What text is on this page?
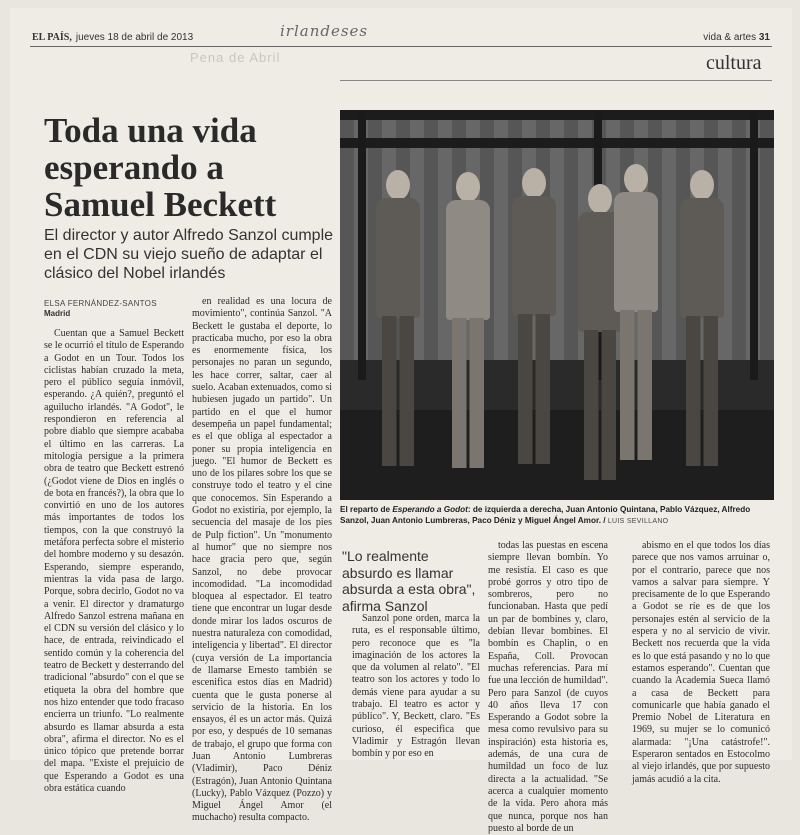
EL PAÍS, jueves 18 de abril de 2013	irlandeses	vida & artes 31
Pena de Abril	cultura
Toda una vida esperando a Samuel Beckett
El director y autor Alfredo Sanzol cumple en el CDN su viejo sueño de adaptar el clásico del Nobel irlandés
ELSA FERNÁNDEZ-SANTOS
Madrid

Cuentan que a Samuel Beckett se le ocurrió el título de Esperando a Godot en un Tour. Todos los ciclistas habían cruzado la meta, pero el público seguía inmóvil, esperando. ¿A quién?, preguntó el aguilucho irlandés. "A Godot", le respondieron en referencia al pobre diablo que siempre acababa el último en las carreras. La mitología persigue a la primera obra de teatro que Beckett estrenó (¿Godot viene de Dios en inglés o de bota en francés?), la obra que lo convirtió en uno de los autores más importantes de todos los tiempos, con la que construyó la metáfora perfecta sobre el misterio del hombre moderno y su desazón. Esperando, siempre esperando, mientras la vida pasa de largo. Porque, sobra decirlo, Godot no va a venir. El director y dramaturgo Alfredo Sanzol estrena mañana en el CDN su versión del clásico y lo hace, de entrada, reivindicado el sentido común y la coherencia del teatro de Beckett y desterrando del tradicional "absurdo" con el que se etiqueta la obra del hombre que nos hizo entender que todo fracaso encierra un triunfo. "Lo realmente absurdo es llamar absurda a esta obra", afirma el director. No es el único tópico que pretende borrar del mapa. "Existe el prejuicio de que Esperando a Godot es una obra estática cuando

en realidad es una locura de movimiento", continúa Sanzol. "A Beckett le gustaba el deporte, lo practicaba mucho, por eso la obra es enormemente física, los personajes no paran un segundo, les hace correr, saltar, caer al suelo. Acaban extenuados, como si hubiesen jugado un partido". Un partido en el que el humor desempeña un papel fundamental; es el que obliga al espectador a poner su propia inteligencia en juego. "El humor de Beckett es uno de los pilares sobre los que se construye todo el teatro y el cine que conocemos. Sin Esperando a Godot no existiría, por ejemplo, la secuencia del masaje de los pies de Pulp fiction". Un "monumento al humor" que no siempre nos hace gracia pero que, según Sanzol, no debe provocar incomodidad. "La incomodidad bloquea al espectador. El teatro tiene que encontrar un lugar desde donde mirar los lados oscuros de nuestra naturaleza con comodidad, inteligencia y libertad". El director (cuya versión de La importancia de llamarse Ernesto también se escenifica estos días en Madrid) cuenta que le gusta ponerse al servicio de la historia. En los ensayos, él es un actor más. Quizá por eso, y después de 10 semanas de trabajo, el grupo que forma con Juan Antonio Lumbreras (Vladimir), Paco Déniz (Estragón), Juan Antonio Quintana (Lucky), Pablo Vázquez (Pozzo) y Miguel Ángel Amor (el muchacho) resulta compacto.

El reparto de Esperando a Godot: de izquierda a derecha, Juan Antonio Quintana, Pablo Vázquez, Alfredo Sanzol, Juan Antonio Lumbreras, Paco Déniz y Miguel Ángel Amor. / LUIS SEVILLANO
"Lo realmente absurdo es llamar absurda a esta obra", afirma Sanzol

Sanzol pone orden, marca la ruta, es el responsable último, pero reconoce que es "la imaginación de los actores la que da volumen al relato". "El teatro son los actores y todo lo demás viene para ayudar a su trabajo. El teatro es actor y público". Y, Beckett, claro. "Es curioso, él especifica que Vladimir y Estragón llevan bombín y por eso en

todas las puestas en escena siempre llevan bombín. Yo me resistía. El caso es que probé gorros y otro tipo de sombreros, pero no funcionaban. Hasta que pedí un par de bombines y, claro, debían llevar bombines. El bombín es Chaplin, o en España, Coll. Provocan muchas referencias. Para mí fue una lección de humildad". Pero para Sanzol (de cuyos 40 años lleva 17 con Esperando a Godot sobre la mesa como revulsivo para su inspiración) esta historia es, además, de una cura de humildad un foco de luz directa a la actualidad. "Se acerca a cualquier momento de la vida. Pero ahora más que nunca, porque nos han puesto al borde de un

abismo en el que todos los días parece que nos vamos arruinar o, por el contrario, parece que nos vamos a salvar para siempre. Y precisamente de lo que Esperando a Godot se ríe es de que los personajes estén al servicio de la espera y no al servicio de vivir. Beckett nos recuerda que la vida es lo que está pasando y no lo que estamos esperando". Cuentan que cuando la Academia Sueca llamó a casa de Beckett para comunicarle que había ganado el Premio Nobel de Literatura en 1969, su mujer se lo comunicó alarmada: "¡Una catástrofe!". Esperaron sentados en Estocolmo al viejo irlandés, que por supuesto jamás acudió a la cita.
